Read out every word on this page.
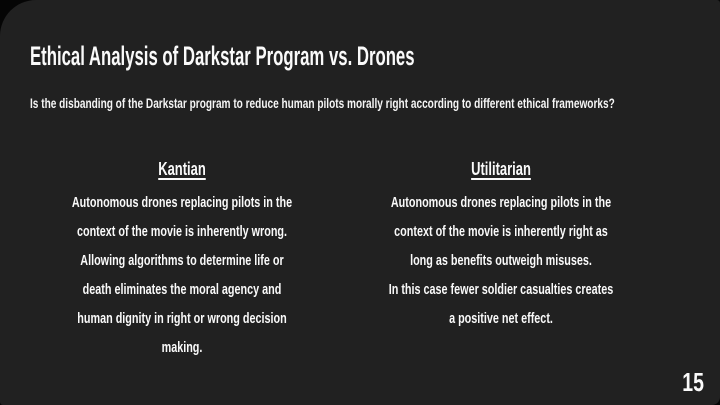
Ethical Analysis of Darkstar Program vs. Drones
Is the disbanding of the Darkstar program to reduce human pilots morally right according to different ethical frameworks?
Kantian
Autonomous drones replacing pilots in the
context of the movie is inherently wrong.
Allowing algorithms to determine life or
death eliminates the moral agency and
human dignity in right or wrong decision
making.
Utilitarian
Autonomous drones replacing pilots in the
context of the movie is inherently right as
long as benefits outweigh misuses.
In this case fewer soldier casualties creates
a positive net effect.
15
